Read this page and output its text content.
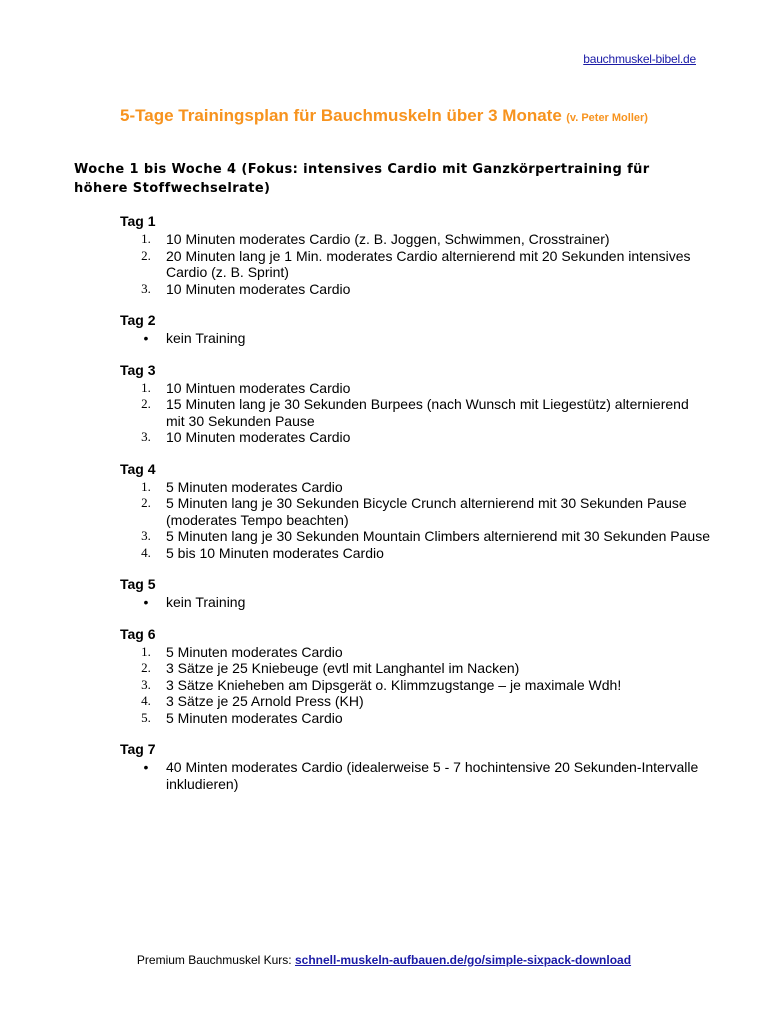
bauchmuskel-bibel.de
5-Tage Trainingsplan für Bauchmuskeln über 3 Monate (v. Peter Moller)
Woche 1 bis Woche 4 (Fokus: intensives Cardio mit Ganzkörpertraining für höhere Stoffwechselrate)
Tag 1
1.	10 Minuten moderates Cardio (z. B. Joggen, Schwimmen, Crosstrainer)
2.	20 Minuten lang je 1 Min. moderates Cardio alternierend mit 20 Sekunden intensives Cardio (z. B. Sprint)
3.	10 Minuten moderates Cardio
Tag 2
•	kein Training
Tag 3
1.	10 Mintuen moderates Cardio
2.	15 Minuten lang je 30 Sekunden Burpees (nach Wunsch mit Liegestütz) alternierend mit 30 Sekunden Pause
3.	10 Minuten moderates Cardio
Tag 4
1.	5 Minuten moderates Cardio
2.	5 Minuten lang je 30 Sekunden Bicycle Crunch alternierend mit 30 Sekunden Pause (moderates Tempo beachten)
3.	5 Minuten lang je 30 Sekunden Mountain Climbers alternierend mit 30 Sekunden Pause
4.	5 bis 10 Minuten moderates Cardio
Tag 5
•	kein Training
Tag 6
1.	5 Minuten moderates Cardio
2.	3 Sätze je 25 Kniebeuge (evtl mit Langhantel im Nacken)
3.	3 Sätze Knieheben am Dipsgerät o. Klimmzugstange – je maximale Wdh!
4.	3 Sätze je 25 Arnold Press (KH)
5.	5 Minuten moderates Cardio
Tag 7
•	40 Minten moderates Cardio (idealerweise 5 - 7 hochintensive 20 Sekunden-Intervalle inkludieren)
Premium Bauchmuskel Kurs: schnell-muskeln-aufbauen.de/go/simple-sixpack-download
